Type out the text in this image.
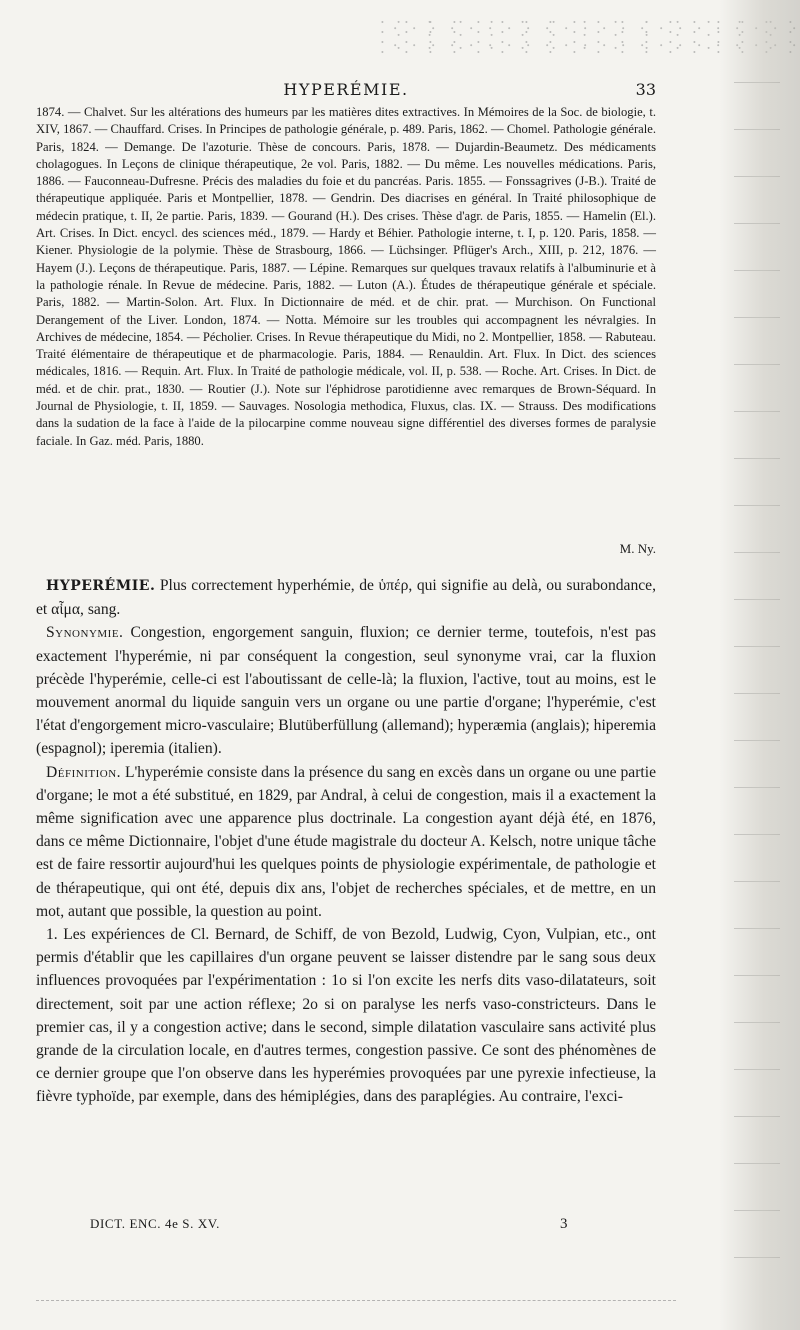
HYPERÉMIE.	33

1874. — Chalvet. Sur les altérations des humeurs par les matières dites extractives. In Mémoires de la Soc. de biologie, t. XIV, 1867. — Chauffard. Crises. In Principes de pathologie générale, p. 489. Paris, 1862. — Chomel. Pathologie générale. Paris, 1824. — Demange. De l'azoturie. Thèse de concours. Paris, 1878. — Dujardin-Beaumetz. Des médicaments cholagogues. In Leçons de clinique thérapeutique, 2e vol. Paris, 1882. — Du même. Les nouvelles médications. Paris, 1886. — Fauconneau-Dufresne. Précis des maladies du foie et du pancréas. Paris. 1855. — Fonssagrives (J-B.). Traité de thérapeutique appliquée. Paris et Montpellier, 1878. — Gendrin. Des diacrises en général. In Traité philosophique de médecin pratique, t. II, 2e partie. Paris, 1839. — Gourand (H.). Des crises. Thèse d'agr. de Paris, 1855. — Hamelin (El.). Art. Crises. In Dict. encycl. des sciences méd., 1879. — Hardy et Béhier. Pathologie interne, t. I, p. 120. Paris, 1858. — Kiener. Physiologie de la polymie. Thèse de Strasbourg, 1866. — Lüchsinger. Pflüger's Arch., XIII, p. 212, 1876. — Hayem (J.). Leçons de thérapeutique. Paris, 1887. — Lépine. Remarques sur quelques travaux relatifs à l'albuminurie et à la pathologie rénale. In Revue de médecine. Paris, 1882. — Luton (A.). Études de thérapeutique générale et spéciale. Paris, 1882. — Martin-Solon. Art. Flux. In Dictionnaire de méd. et de chir. prat. — Murchison. On Functional Derangement of the Liver. London, 1874. — Notta. Mémoire sur les troubles qui accompagnent les névralgies. In Archives de médecine, 1854. — Pécholier. Crises. In Revue thérapeutique du Midi, no 2. Montpellier, 1858. — Rabuteau. Traité élémentaire de thérapeutique et de pharmacologie. Paris, 1884. — Renauldin. Art. Flux. In Dict. des sciences médicales, 1816. — Requin. Art. Flux. In Traité de pathologie médicale, vol. II, p. 538. — Roche. Art. Crises. In Dict. de méd. et de chir. prat., 1830. — Routier (J.). Note sur l'éphidrose parotidienne avec remarques de Brown-Séquard. In Journal de Physiologie, t. II, 1859. — Sauvages. Nosologia methodica, Fluxus, clas. IX. — Strauss. Des modifications dans la sudation de la face à l'aide de la pilocarpine comme nouveau signe différentiel des diverses formes de paralysie faciale. In Gaz. méd. Paris, 1880.

M. Ny.

HYPERÉMIE. Plus correctement hyperhémie, de ὑπέρ, qui signifie au delà, ou surabondance, et αἷμα, sang.

Synonymie. Congestion, engorgement sanguin, fluxion; ce dernier terme, toutefois, n'est pas exactement l'hyperémie, ni par conséquent la congestion, seul synonyme vrai, car la fluxion précède l'hyperémie, celle-ci est l'aboutissant de celle-là; la fluxion, l'active, tout au moins, est le mouvement anormal du liquide sanguin vers un organe ou une partie d'organe; l'hyperémie, c'est l'état d'engorgement micro-vasculaire; Blutüberfüllung (allemand); hyperæmia (anglais); hiperemia (espagnol); iperemia (italien).

Définition. L'hyperémie consiste dans la présence du sang en excès dans un organe ou une partie d'organe; le mot a été substitué, en 1829, par Andral, à celui de congestion, mais il a exactement la même signification avec une apparence plus doctrinale. La congestion ayant déjà été, en 1876, dans ce même Dictionnaire, l'objet d'une étude magistrale du docteur A. Kelsch, notre unique tâche est de faire ressortir aujourd'hui les quelques points de physiologie expérimentale, de pathologie et de thérapeutique, qui ont été, depuis dix ans, l'objet de recherches spéciales, et de mettre, en un mot, autant que possible, la question au point.

1. Les expériences de Cl. Bernard, de Schiff, de von Bezold, Ludwig, Cyon, Vulpian, etc., ont permis d'établir que les capillaires d'un organe peuvent se laisser distendre par le sang sous deux influences provoquées par l'expérimentation : 1o si l'on excite les nerfs dits vaso-dilatateurs, soit directement, soit par une action réflexe; 2o si on paralyse les nerfs vaso-constricteurs. Dans le premier cas, il y a congestion active; dans le second, simple dilatation vasculaire sans activité plus grande de la circulation locale, en d'autres termes, congestion passive. Ce sont des phénomènes de ce dernier groupe que l'on observe dans les hyperémies provoquées par une pyrexie infectieuse, la fièvre typhoïde, par exemple, dans des hémiplégies, dans des paraplégies. Au contraire, l'exci-

DICT. ENC. 4e S. XV.	3
